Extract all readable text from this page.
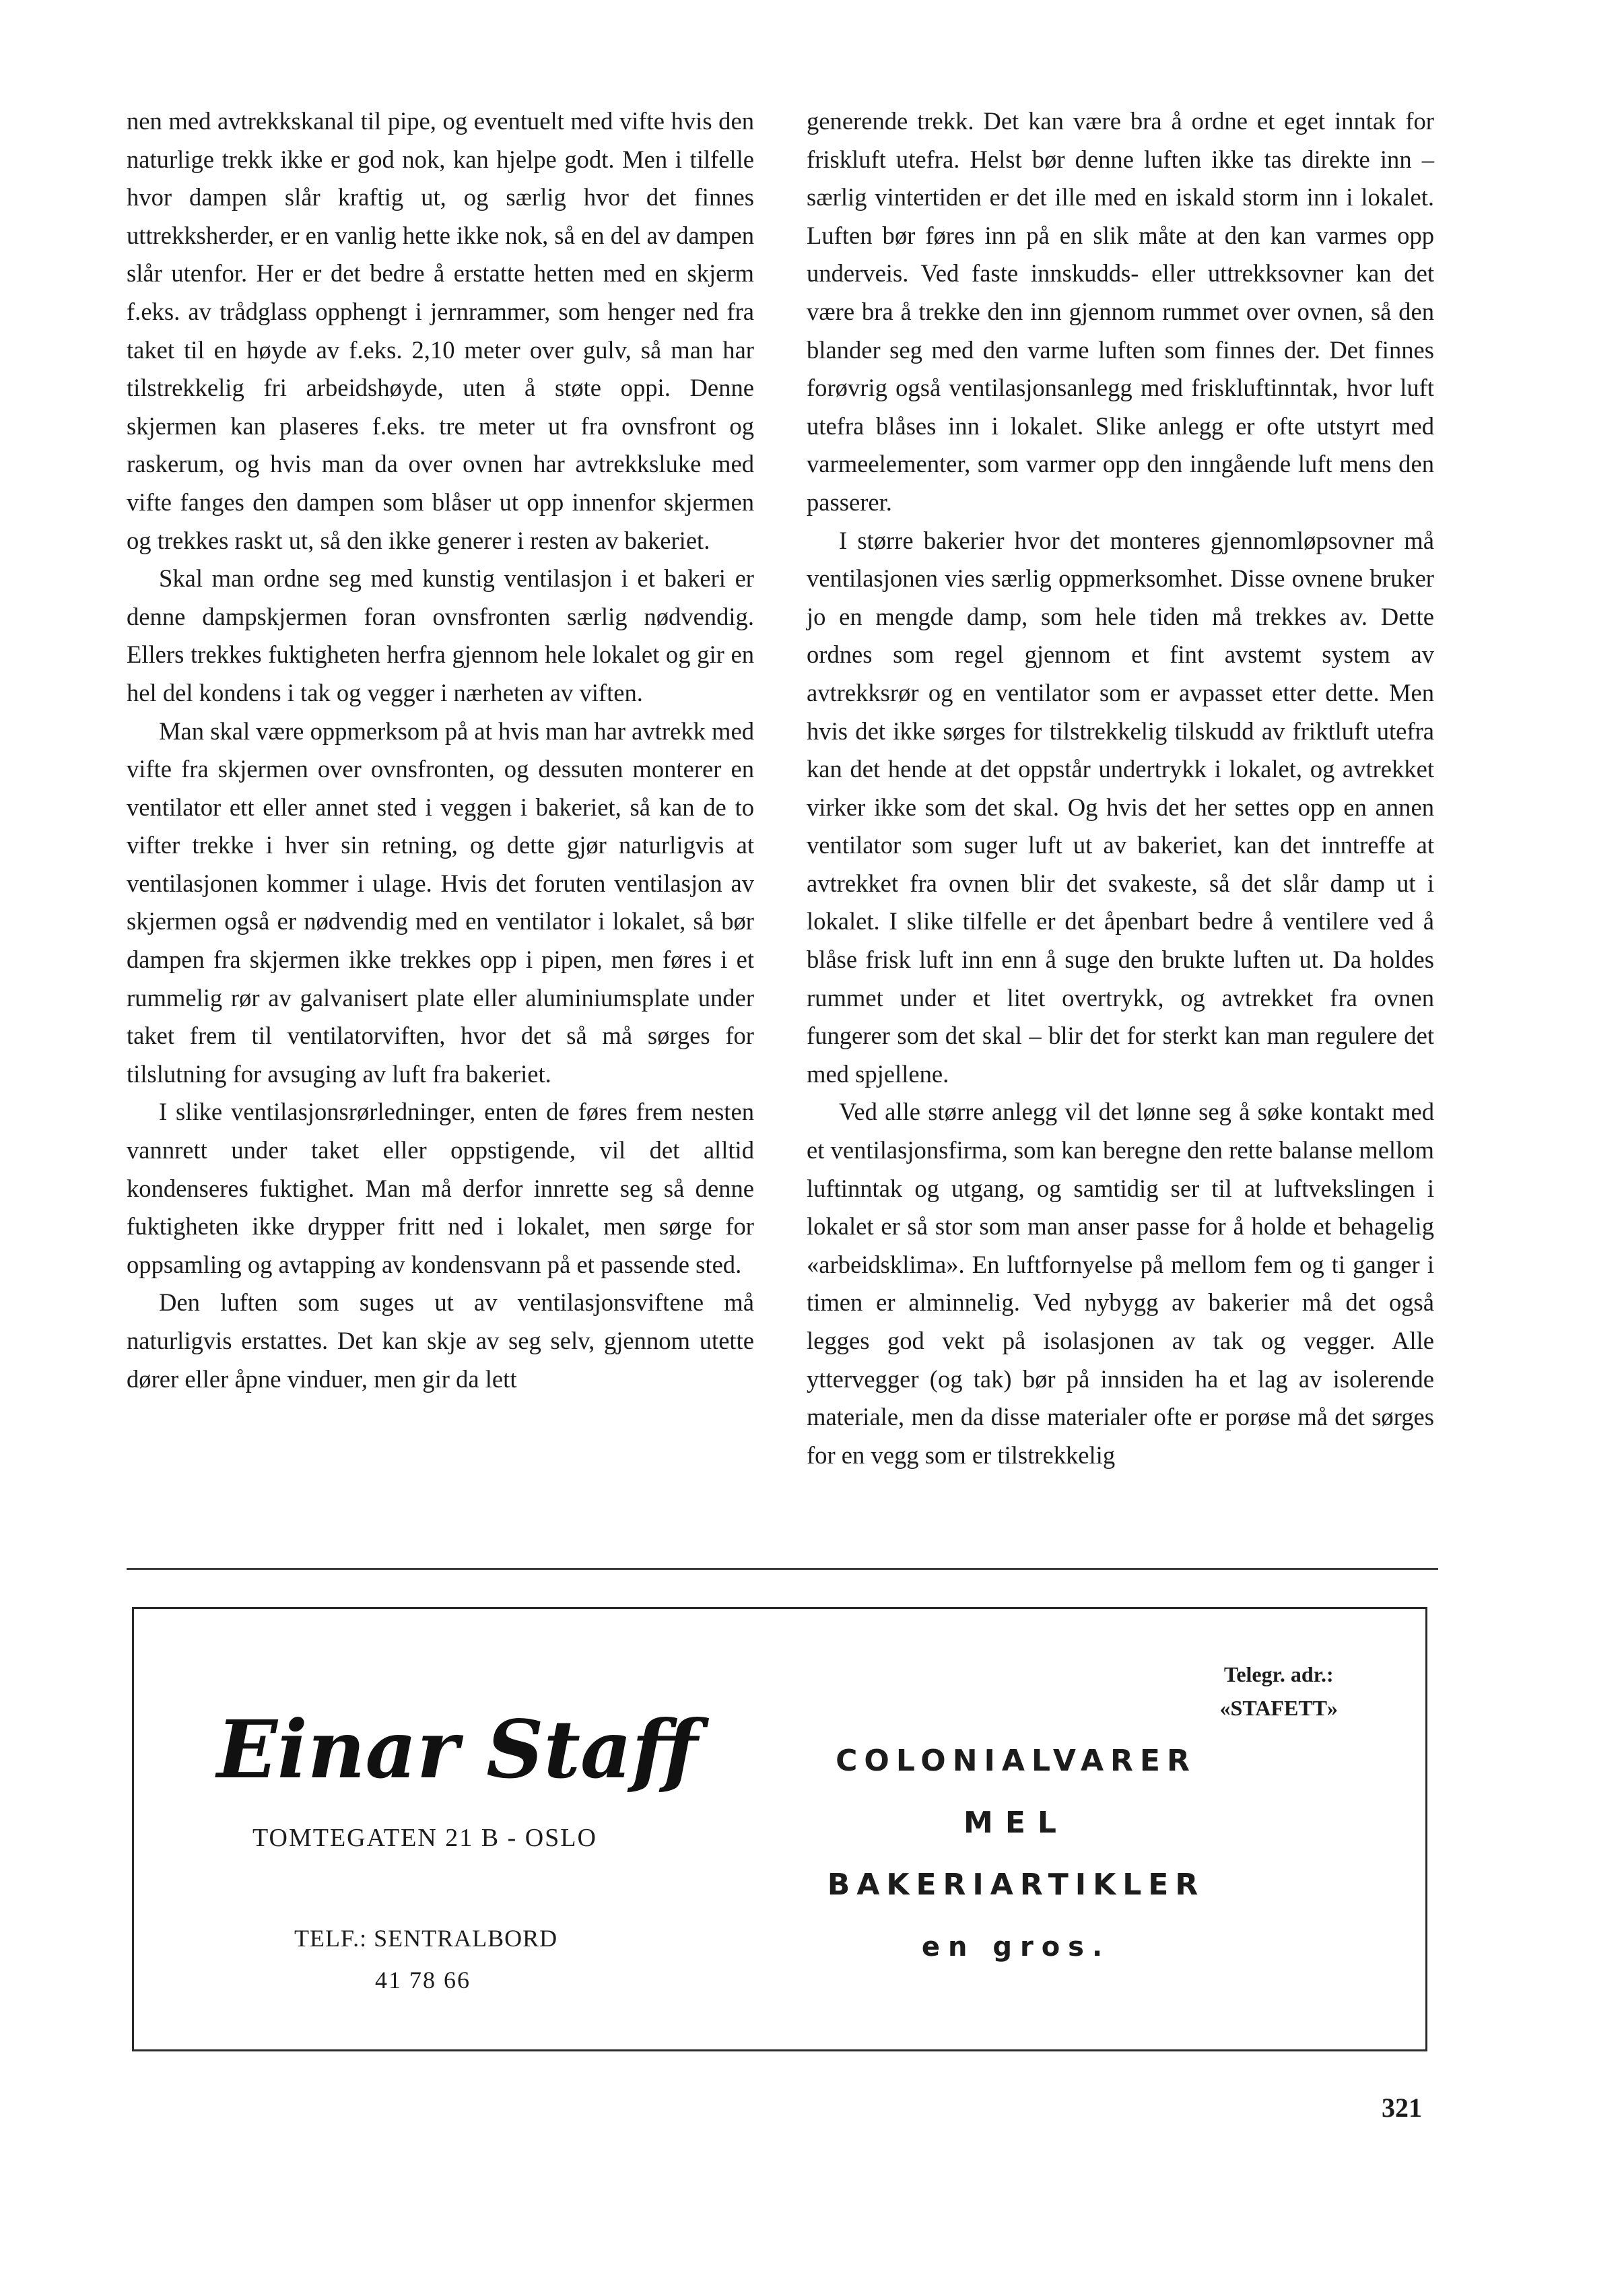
nen med avtrekkskanal til pipe, og eventuelt med vifte hvis den naturlige trekk ikke er god nok, kan hjelpe godt. Men i tilfelle hvor dampen slår kraftig ut, og særlig hvor det finnes uttrekksherder, er en vanlig hette ikke nok, så en del av dampen slår utenfor. Her er det bedre å erstatte hetten med en skjerm f.eks. av trådglass opphengt i jernrammer, som henger ned fra taket til en høyde av f.eks. 2,10 meter over gulv, så man har tilstrekkelig fri arbeidshøyde, uten å støte oppi. Denne skjermen kan plaseres f.eks. tre meter ut fra ovnsfront og raskerum, og hvis man da over ovnen har avtrekksluke med vifte fanges den dampen som blåser ut opp innenfor skjermen og trekkes raskt ut, så den ikke generer i resten av bakeriet.

Skal man ordne seg med kunstig ventilasjon i et bakeri er denne dampskjermen foran ovnsfronten særlig nødvendig. Ellers trekkes fuktigheten herfra gjennom hele lokalet og gir en hel del kondens i tak og vegger i nærheten av viften.

Man skal være oppmerksom på at hvis man har avtrekk med vifte fra skjermen over ovnsfronten, og dessuten monterer en ventilator ett eller annet sted i veggen i bakeriet, så kan de to vifter trekke i hver sin retning, og dette gjør naturligvis at ventilasjonen kommer i ulage. Hvis det foruten ventilasjon av skjermen også er nødvendig med en ventilator i lokalet, så bør dampen fra skjermen ikke trekkes opp i pipen, men føres i et rummelig rør av galvanisert plate eller aluminiumsplate under taket frem til ventilatorviften, hvor det så må sørges for tilslutning for avsuging av luft fra bakeriet.

I slike ventilasjonsrørledninger, enten de føres frem nesten vannrett under taket eller oppstigende, vil det alltid kondenseres fuktighet. Man må derfor innrette seg så denne fuktigheten ikke drypper fritt ned i lokalet, men sørge for oppsamling og avtapping av kondensvann på et passende sted.

Den luften som suges ut av ventilasjonsviftene må naturligvis erstattes. Det kan skje av seg selv, gjennom utette dører eller åpne vinduer, men gir da lett

generende trekk. Det kan være bra å ordne et eget inntak for friskluft utefra. Helst bør denne luften ikke tas direkte inn – særlig vintertiden er det ille med en iskald storm inn i lokalet. Luften bør føres inn på en slik måte at den kan varmes opp underveis. Ved faste innskudds- eller uttrekksovner kan det være bra å trekke den inn gjennom rummet over ovnen, så den blander seg med den varme luften som finnes der. Det finnes forøvrig også ventilasjonsanlegg med friskluftinntak, hvor luft utefra blåses inn i lokalet. Slike anlegg er ofte utstyrt med varmeelementer, som varmer opp den inngående luft mens den passerer.

I større bakerier hvor det monteres gjennomløpsovner må ventilasjonen vies særlig oppmerksomhet. Disse ovnene bruker jo en mengde damp, som hele tiden må trekkes av. Dette ordnes som regel gjennom et fint avstemt system av avtrekksrør og en ventilator som er avpasset etter dette. Men hvis det ikke sørges for tilstrekkelig tilskudd av friktluft utefra kan det hende at det oppstår undertrykk i lokalet, og avtrekket virker ikke som det skal. Og hvis det her settes opp en annen ventilator som suger luft ut av bakeriet, kan det inntreffe at avtrekket fra ovnen blir det svakeste, så det slår damp ut i lokalet. I slike tilfelle er det åpenbart bedre å ventilere ved å blåse frisk luft inn enn å suge den brukte luften ut. Da holdes rummet under et litet overtrykk, og avtrekket fra ovnen fungerer som det skal – blir det for sterkt kan man regulere det med spjellene.

Ved alle større anlegg vil det lønne seg å søke kontakt med et ventilasjonsfirma, som kan beregne den rette balanse mellom luftinntak og utgang, og samtidig ser til at luftvekslingen i lokalet er så stor som man anser passe for å holde et behagelig «arbeidsklima». En luftfornyelse på mellom fem og ti ganger i timen er alminnelig. Ved nybygg av bakerier må det også legges god vekt på isolasjonen av tak og vegger. Alle yttervegger (og tak) bør på innsiden ha et lag av isolerende materiale, men da disse materialer ofte er porøse må det sørges for en vegg som er tilstrekkelig

Einar Staff
TOMTEGATEN 21 B - OSLO
TELF.: SENTRALBORD
41 78 66
Telegr. adr.:
«STAFETT»
COLONIALVARER
MEL
BAKERIARTIKLER
en gros.
321
